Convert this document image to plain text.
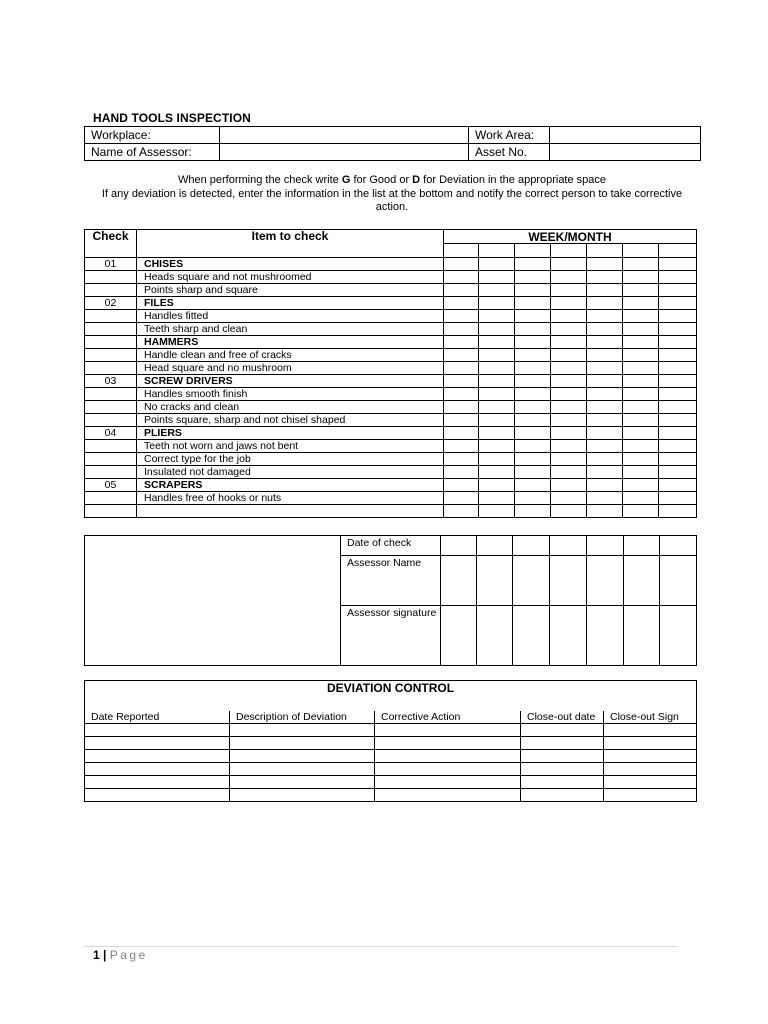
HAND TOOLS INSPECTION
Workplace:		Work Area:	
Name of Assessor:		Asset No.	
When performing the check write G for Good or D for Deviation in the appropriate space
If any deviation is detected, enter the information in the list at the bottom and notify the correct person to take corrective
action.
Check	Item to check	WEEK/MONTH						

01	CHISES							
	Heads square and not mushroomed							
	Points sharp and square							
02	FILES							
	Handles fitted							
	Teeth sharp and clean							
	HAMMERS							
	Handle clean and free of cracks							
	Head square and no mushroom							
03	SCREW DRIVERS							
	Handles smooth finish							
	No cracks and clean							
	Points square, sharp and not chisel shaped							
04	PLIERS							
	Teeth not worn and jaws not bent							
	Correct type for the job							
	Insulated not damaged							
05	SCRAPERS							
	Handles free of hooks or nuts							

	Date of check							
	Assessor Name							
	Assessor signature							
DEVIATION CONTROL				
Date Reported	Description of Deviation	Corrective Action	Close-out date	Close-out Sign

1 | Page
